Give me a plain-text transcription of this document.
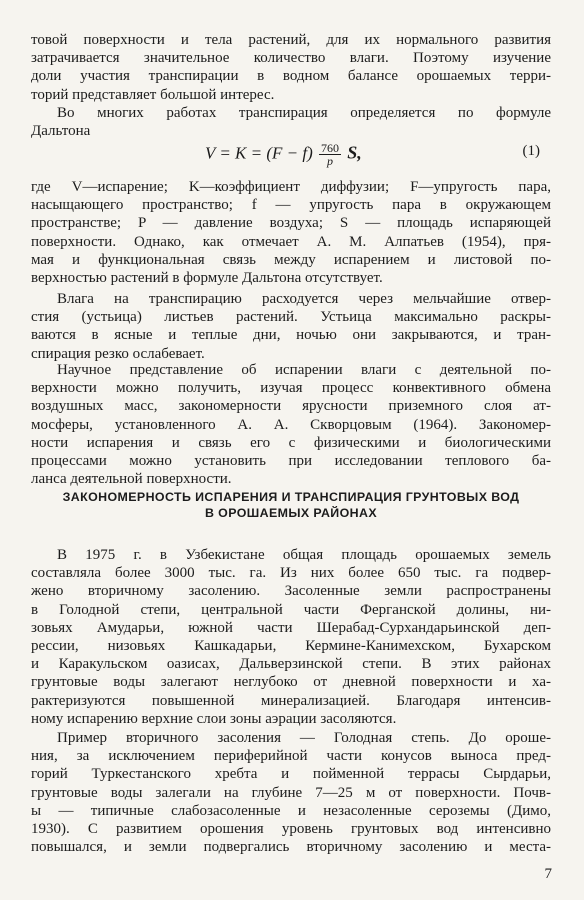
товой поверхности и тела растений, для их нормального развития
затрачивается значительное количество влаги. Поэтому изучение
доли участия транспирации в водном балансе орошаемых терри-
торий представляет большой интерес.
Во многих работах транспирация определяется по формуле
Дальтона
$V = K = (F - f) \frac{760}{p} S$,	(1)
где V—испарение; K—коэффициент диффузии; F—упругость пара,
насыщающего пространство; f — упругость пара в окружающем
пространстве; P — давление воздуха; S — площадь испаряющей
поверхности. Однако, как отмечает А. М. Алпатьев (1954), пря-
мая и функциональная связь между испарением и листовой по-
верхностью растений в формуле Дальтона отсутствует.
Влага на транспирацию расходуется через мельчайшие отвер-
стия (устьица) листьев растений. Устьица максимально раскры-
ваются в ясные и теплые дни, ночью они закрываются, и тран-
спирация резко ослабевает.
Научное представление об испарении влаги с деятельной по-
верхности можно получить, изучая процесс конвективного обмена
воздушных масс, закономерности ярусности приземного слоя ат-
мосферы, установленного А. А. Скворцовым (1964). Закономер-
ности испарения и связь его с физическими и биологическими
процессами можно установить при исследовании теплового ба-
ланса деятельной поверхности.
ЗАКОНОМЕРНОСТЬ ИСПАРЕНИЯ И ТРАНСПИРАЦИЯ ГРУНТОВЫХ ВОД
В ОРОШАЕМЫХ РАЙОНАХ
В 1975 г. в Узбекистане общая площадь орошаемых земель
составляла более 3000 тыс. га. Из них более 650 тыс. га подвер-
жено вторичному засолению. Засоленные земли распространены
в Голодной степи, центральной части Ферганской долины, ни-
зовьях Амударьи, южной части Шерабад-Сурхандарьинской деп-
рессии, низовьях Кашкадарьи, Кермине-Канимехском, Бухарском
и Каракульском оазисах, Дальверзинской степи. В этих районах
грунтовые воды залегают неглубоко от дневной поверхности и ха-
рактеризуются повышенной минерализацией. Благодаря интенсив-
ному испарению верхние слои зоны аэрации засоляются.
Пример вторичного засоления — Голодная степь. До ороше-
ния, за исключением периферийной части конусов выноса пред-
горий Туркестанского хребта и пойменной террасы Сырдарьи,
грунтовые воды залегали на глубине 7—25 м от поверхности. Почв-
ы — типичные слабозасоленные и незасоленные сероземы (Димо,
1930). С развитием орошения уровень грунтовых вод интенсивно
повышался, и земли подвергались вторичному засолению и места-
7
